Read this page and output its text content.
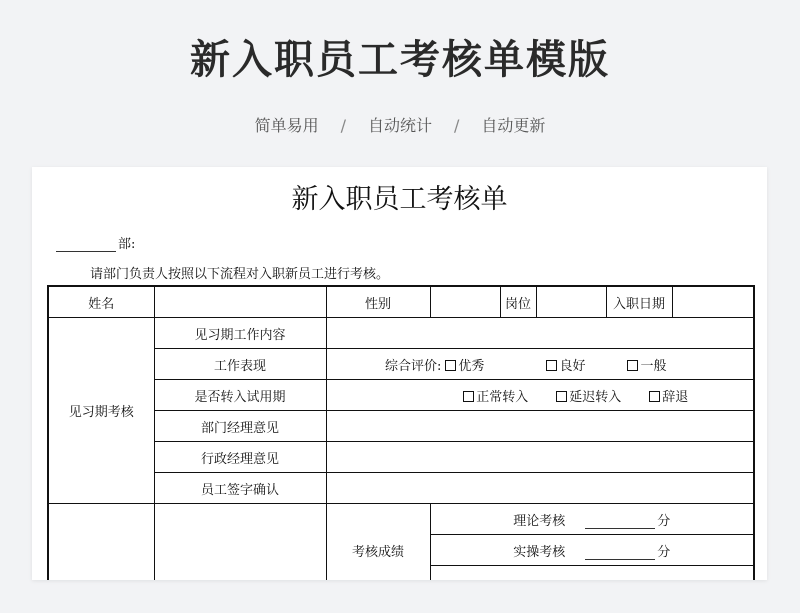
新入职员工考核单模版
简单易用 / 自动统计 / 自动更新
新入职员工考核单
部:
请部门负责人按照以下流程对入职新员工进行考核。
姓名		性别		岗位		入职日期	
见习期考核	见习期工作内容						
	工作表现	综合评价: 优秀 良好 一般					
	是否转入试用期	正常转入 延迟转入 辞退					
	部门经理意见						
	行政经理意见						
	员工签字确认						
		考核成绩	理论考核 分				
			实操考核 分				
